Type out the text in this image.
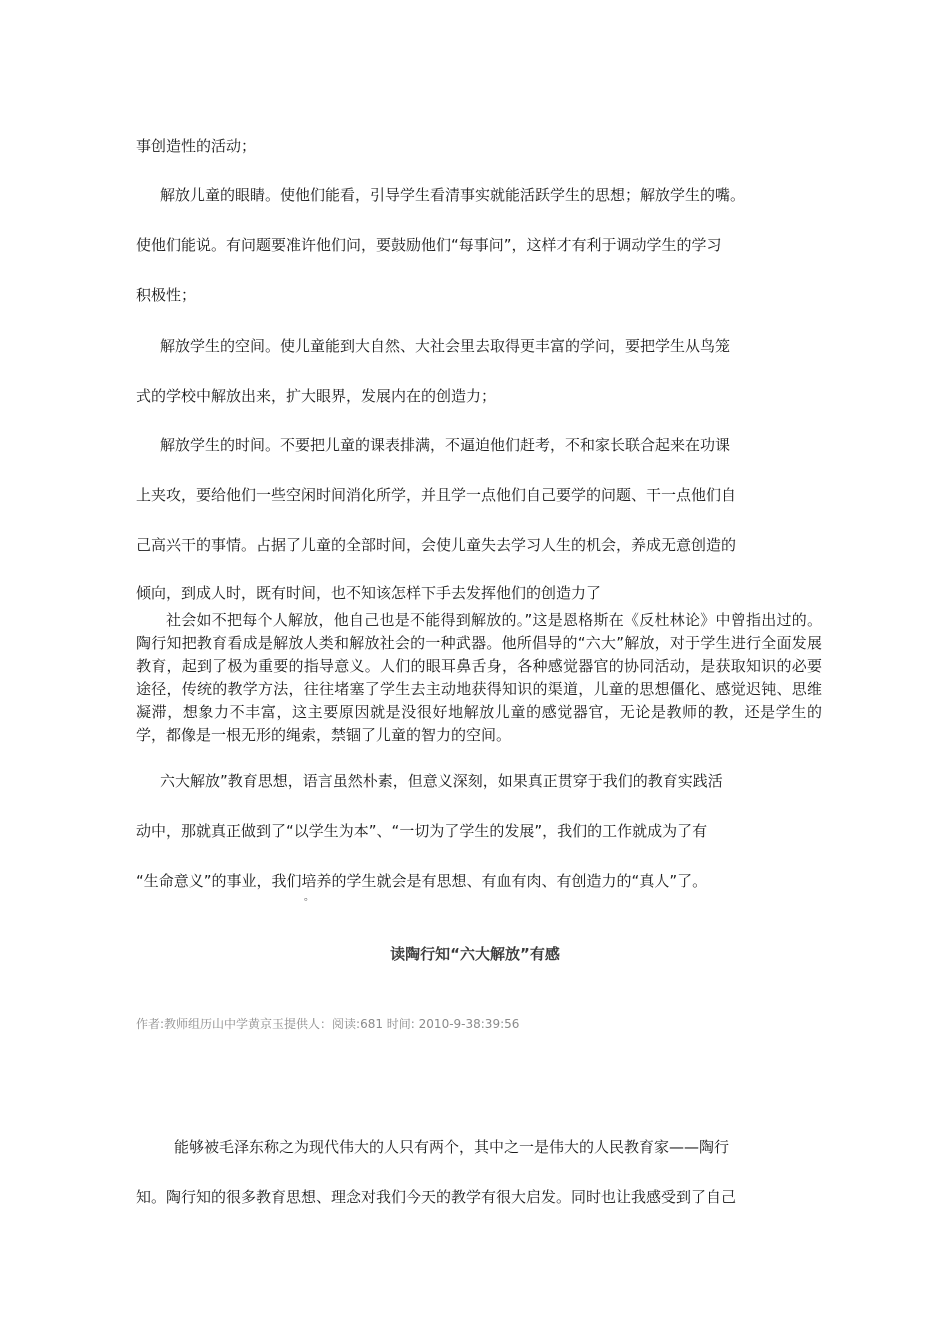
事创造性的活动；
解放儿童的眼睛。使他们能看，引导学生看清事实就能活跃学生的思想；解放学生的嘴。
使他们能说。有问题要准许他们问，要鼓励他们“每事问”，这样才有利于调动学生的学习
积极性；
解放学生的空间。使儿童能到大自然、大社会里去取得更丰富的学问，要把学生从鸟笼
式的学校中解放出来，扩大眼界，发展内在的创造力；
解放学生的时间。不要把儿童的课表排满，不逼迫他们赶考，不和家长联合起来在功课
上夹攻，要给他们一些空闲时间消化所学，并且学一点他们自己要学的问题、干一点他们自
己高兴干的事情。占据了儿童的全部时间，会使儿童失去学习人生的机会，养成无意创造的
倾向，到成人时，既有时间，也不知该怎样下手去发挥他们的创造力了
社会如不把每个人解放，他自己也是不能得到解放的。”这是恩格斯在《反杜林论》中曾指出过的。陶行知把教育看成是解放人类和解放社会的一种武器。他所倡导的“六大”解放，对于学生进行全面发展教育，起到了极为重要的指导意义。人们的眼耳鼻舌身，各种感觉器官的协同活动，是获取知识的必要途径，传统的教学方法，往往堵塞了学生去主动地获得知识的渠道，儿童的思想僵化、感觉迟钝、思维凝滞，想象力不丰富，这主要原因就是没很好地解放儿童的感觉器官，无论是教师的教，还是学生的学，都像是一根无形的绳索，禁锢了儿童的智力的空间。
六大解放”教育思想，语言虽然朴素，但意义深刻，如果真正贯穿于我们的教育实践活
动中，那就真正做到了“以学生为本”、“一切为了学生的发展”，我们的工作就成为了有
“生命意义”的事业，我们培养的学生就会是有思想、有血有肉、有创造力的“真人”了。
。
读陶行知“六大解放”有感
作者:教师组历山中学黄京玉提供人：阅读:681 时间: 2010-9-38:39:56
能够被毛泽东称之为现代伟大的人只有两个，其中之一是伟大的人民教育家——陶行
知。陶行知的很多教育思想、理念对我们今天的教学有很大启发。同时也让我感受到了自己
